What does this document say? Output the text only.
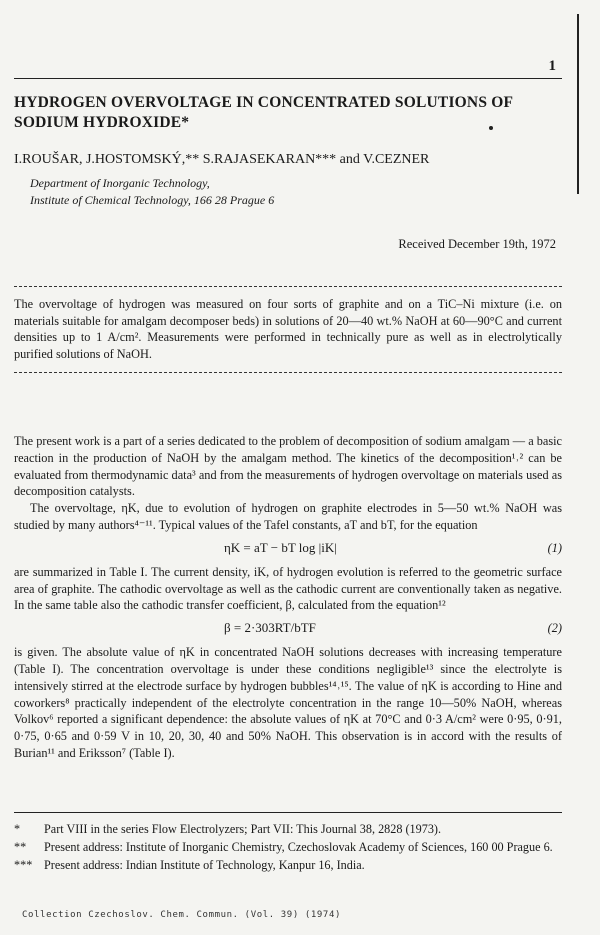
1
HYDROGEN OVERVOLTAGE IN CONCENTRATED SOLUTIONS OF SODIUM HYDROXIDE*
I.ROUŠAR, J.HOSTOMSKÝ,** S.RAJASEKARAN*** and V.CEZNER
Department of Inorganic Technology,
Institute of Chemical Technology, 166 28 Prague 6
Received December 19th, 1972
The overvoltage of hydrogen was measured on four sorts of graphite and on a TiC–Ni mixture (i.e. on materials suitable for amalgam decomposer beds) in solutions of 20—40 wt.% NaOH at 60—90°C and current densities up to 1 A/cm². Measurements were performed in technically pure as well as in electrolytically purified solutions of NaOH.

The present work is a part of a series dedicated to the problem of decomposition of sodium amalgam — a basic reaction in the production of NaOH by the amalgam method. The kinetics of the decomposition¹˒² can be evaluated from thermodynamic data³ and from the measurements of hydrogen overvoltage on materials used as decomposition catalysts.

The overvoltage, ηK, due to evolution of hydrogen on graphite electrodes in 5—50 wt.% NaOH was studied by many authors⁴⁻¹¹. Typical values of the Tafel constants, aT and bT, for the equation

ηK = aT − bT log |iK|	(1)

are summarized in Table I. The current density, iK, of hydrogen evolution is referred to the geometric surface area of graphite. The cathodic overvoltage as well as the cathodic current are conventionally taken as negative. In the same table also the cathodic transfer coefficient, β, calculated from the equation¹²

β = 2·303RT/bTF	(2)

is given. The absolute value of ηK in concentrated NaOH solutions decreases with increasing temperature (Table I). The concentration overvoltage is under these conditions negligible¹³ since the electrolyte is intensively stirred at the electrode surface by hydrogen bubbles¹⁴˒¹⁵. The value of ηK is according to Hine and coworkers⁸ practically independent of the electrolyte concentration in the range 10—50% NaOH, whereas Volkov⁶ reported a significant dependence: the absolute values of ηK at 70°C and 0·3 A/cm² were 0·95, 0·91, 0·75, 0·65 and 0·59 V in 10, 20, 30, 40 and 50% NaOH. This observation is in accord with the results of Burian¹¹ and Eriksson⁷ (Table I).

*	Part VIII in the series Flow Electrolyzers; Part VII: This Journal 38, 2828 (1973).
**	Present address: Institute of Inorganic Chemistry, Czechoslovak Academy of Sciences, 160 00 Prague 6.
*** Present address: Indian Institute of Technology, Kanpur 16, India.
Collection Czechoslov. Chem. Commun. (Vol. 39) (1974)
